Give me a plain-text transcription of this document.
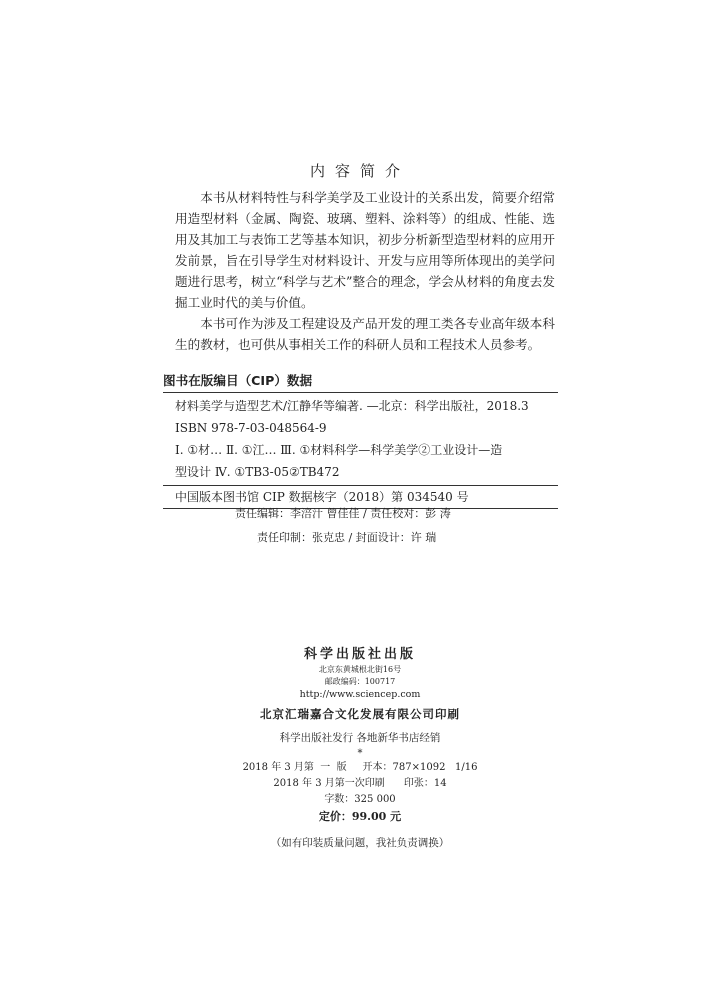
内容简介

本书从材料特性与科学美学及工业设计的关系出发，简要介绍常用造型材料（金属、陶瓷、玻璃、塑料、涂料等）的组成、性能、选用及其加工与表饰工艺等基本知识，初步分析新型造型材料的应用开发前景，旨在引导学生对材料设计、开发与应用等所体现出的美学问题进行思考，树立“科学与艺术”整合的理念，学会从材料的角度去发掘工业时代的美与价值。

本书可作为涉及工程建设及产品开发的理工类各专业高年级本科生的教材，也可供从事相关工作的科研人员和工程技术人员参考。

图书在版编目（CIP）数据
材料美学与造型艺术/江静华等编著. —北京：科学出版社，2018.3
ISBN 978-7-03-048564-9
Ⅰ. ①材… Ⅱ. ①江… Ⅲ. ①材料科学—科学美学②工业设计—造
型设计 Ⅳ. ①TB3-05②TB472
中国版本图书馆 CIP 数据核字（2018）第 034540 号
责任编辑：李涪汁 曾佳佳 / 责任校对：彭 涛
责任印制：张克忠 / 封面设计：许 瑞
科学出版社出版
北京东黄城根北街16号
邮政编码：100717
http://www.sciencep.com
北京汇瑞嘉合文化发展有限公司印刷
科学出版社发行 各地新华书店经销
*
2018 年 3 月第  一  版     开本：787×1092   1/16
2018 年 3 月第一次印刷      印张：14
字数：325 000
定价：99.00 元
（如有印装质量问题，我社负责调换）
